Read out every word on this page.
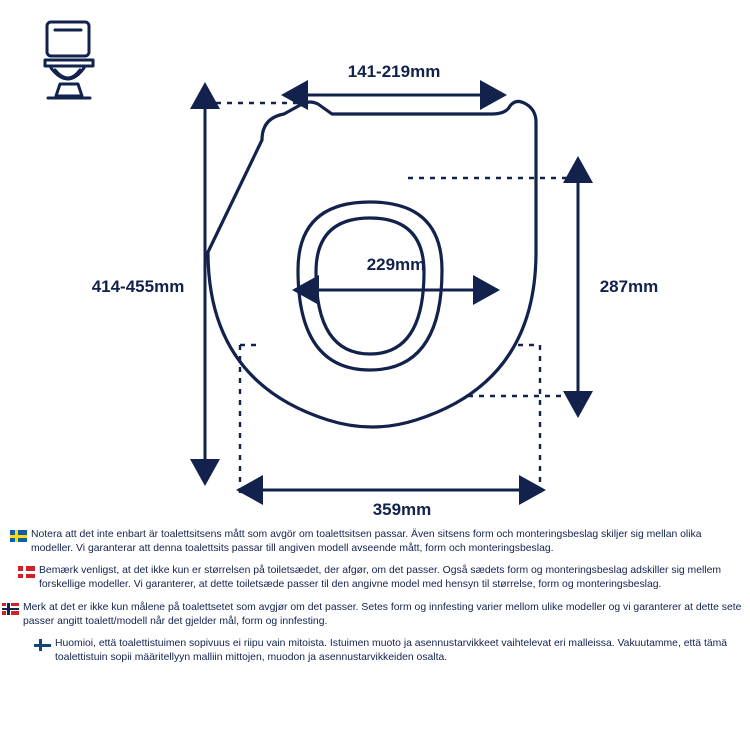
141-219mm
229mm
414-455mm	287mm
359mm
Notera att det inte enbart är toalettsitsens mått som avgör om toalettsitsen passar. Även sitsens form och monteringsbeslag skiljer sig mellan olika modeller. Vi garanterar att denna toalettsits passar till angiven modell avseende mått, form och monteringsbeslag.
Bemærk venligst, at det ikke kun er størrelsen på toiletsædet, der afgør, om det passer. Også sædets form og monteringsbeslag adskiller sig mellem forskellige modeller. Vi garanterer, at dette toiletsæde passer til den angivne model med hensyn til størrelse, form og monteringsbeslag.
Merk at det er ikke kun målene på toalettsetet som avgjør om det passer. Setes form og innfesting varier mellom ulike modeller og vi garanterer at dette sete passer angitt toalett/modell når det gjelder mål, form og innfesting.
Huomioi, että toalettistuimen sopivuus ei riipu vain mitoista. Istuimen muoto ja asennustarvikkeet vaihtelevat eri malleissa. Vakuutamme, että tämä toalettistuin sopii määritellyyn malliin mittojen, muodon ja asennustarvikkeiden osalta.
